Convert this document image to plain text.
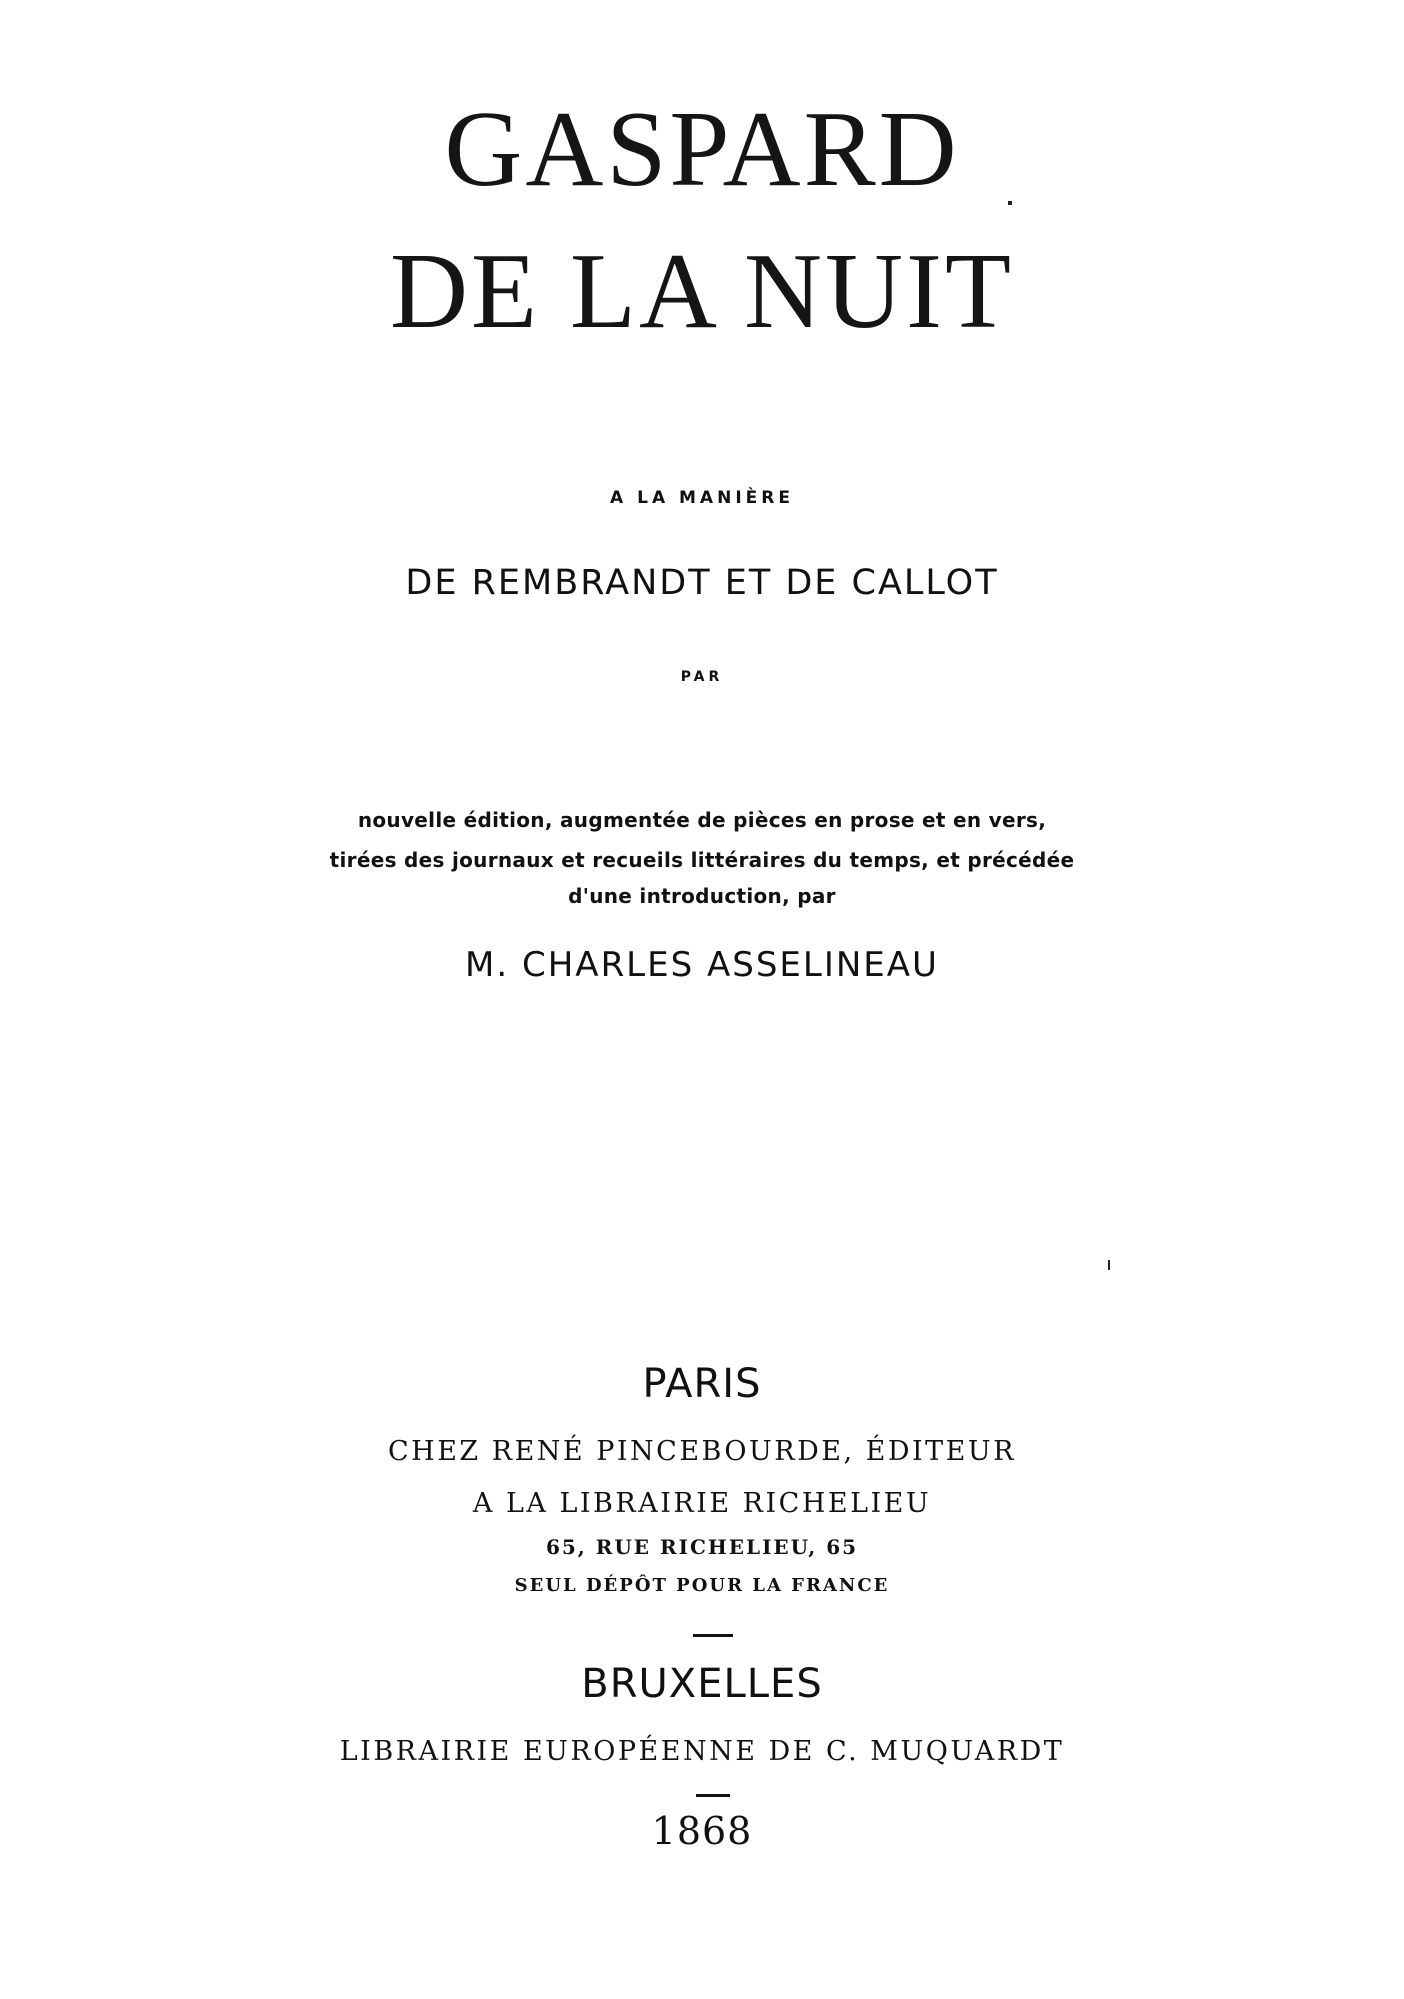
GASPARD
DE LA NUIT
A LA MANIÈRE
DE REMBRANDT ET DE CALLOT
PAR
nouvelle édition, augmentée de pièces en prose et en vers,
tirées des journaux et recueils littéraires du temps, et précédée
d'une introduction, par
M. CHARLES ASSELINEAU
PARIS
CHEZ RENÉ PINCEBOURDE, ÉDITEUR
A LA LIBRAIRIE RICHELIEU
65, RUE RICHELIEU, 65
SEUL DÉPÔT POUR LA FRANCE
BRUXELLES
LIBRAIRIE EUROPÉENNE DE C. MUQUARDT
1868
